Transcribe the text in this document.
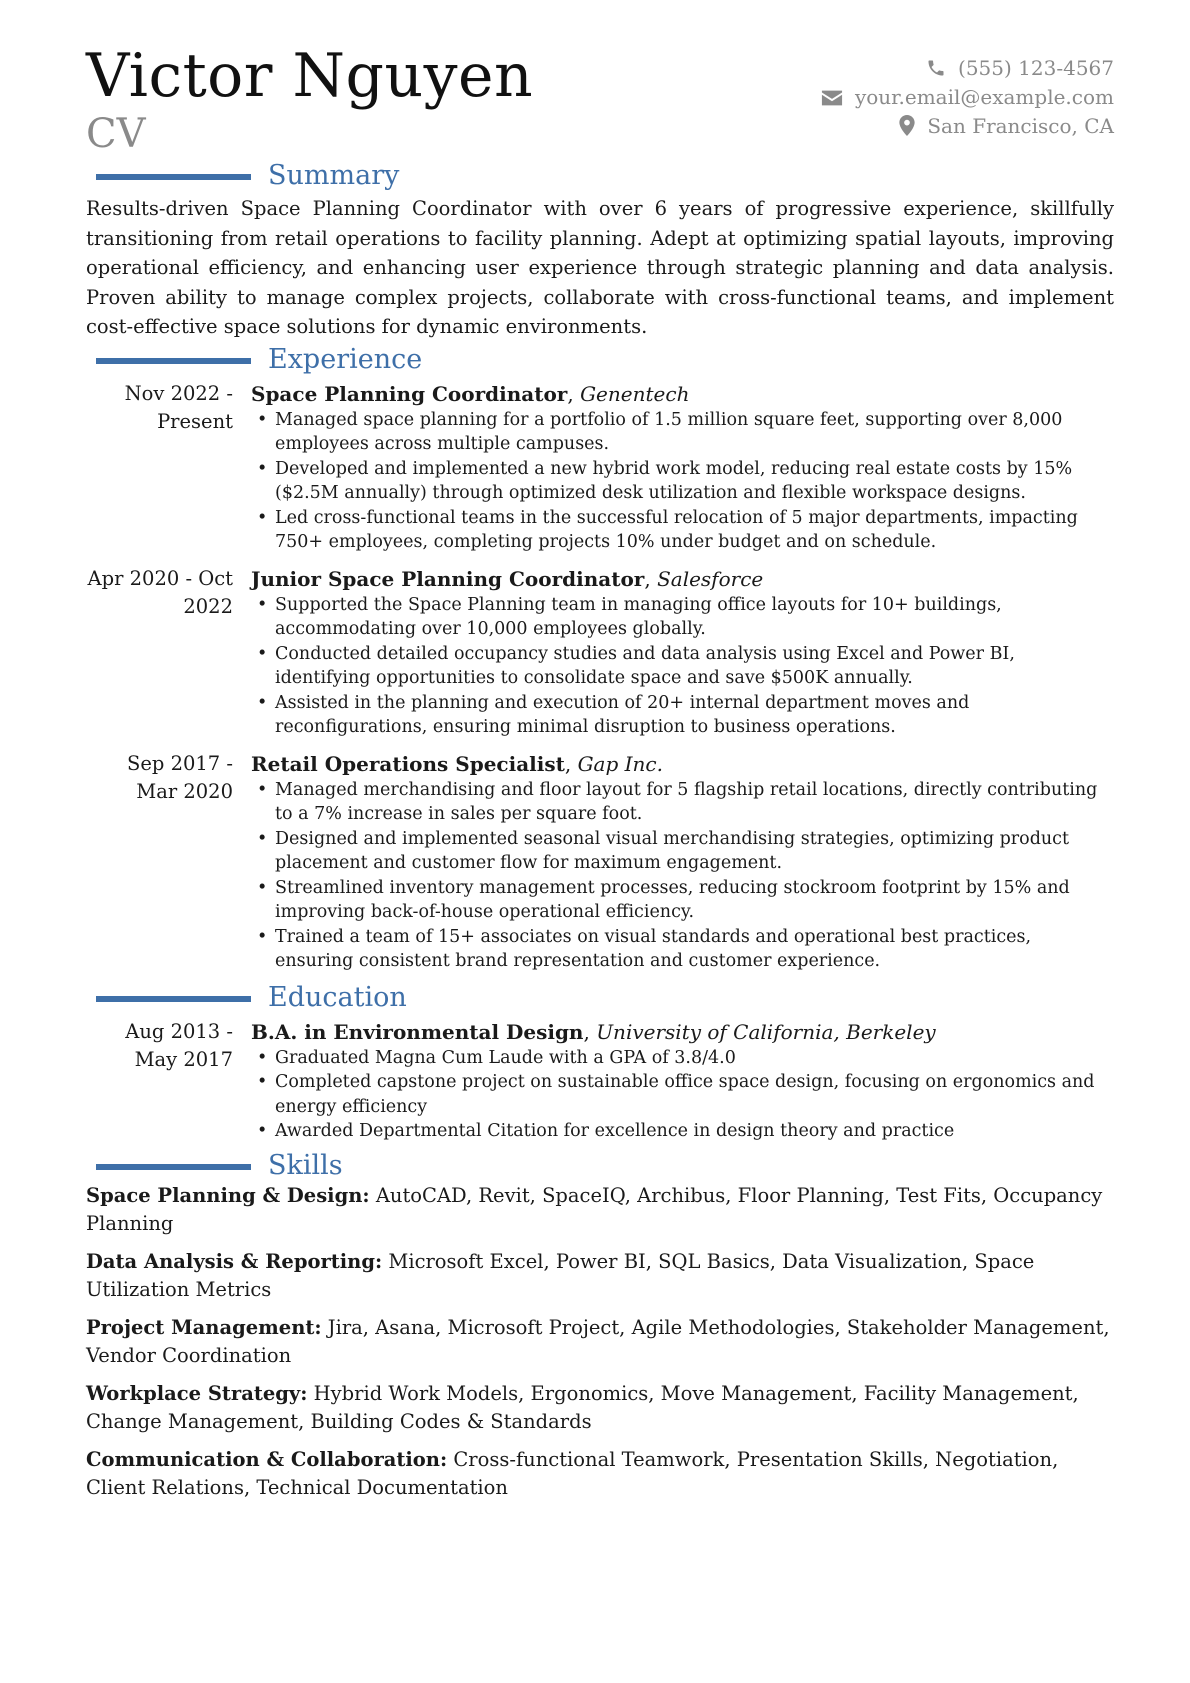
Victor Nguyen
CV
(555) 123-4567
your.email@example.com
San Francisco, CA
Summary
Results-driven Space Planning Coordinator with over 6 years of progressive experience, skillfully transitioning from retail operations to facility planning. Adept at optimizing spatial layouts, improving operational efficiency, and enhancing user experience through strategic planning and data analysis. Proven ability to manage complex projects, collaborate with cross-functional teams, and implement cost-effective space solutions for dynamic environments.
Experience
Nov 2022 - Present
Space Planning Coordinator, Genentech
• Managed space planning for a portfolio of 1.5 million square feet, supporting over 8,000 employees across multiple campuses.
• Developed and implemented a new hybrid work model, reducing real estate costs by 15% ($2.5M annually) through optimized desk utilization and flexible workspace designs.
• Led cross-functional teams in the successful relocation of 5 major departments, impacting 750+ employees, completing projects 10% under budget and on schedule.
Apr 2020 - Oct 2022
Junior Space Planning Coordinator, Salesforce
• Supported the Space Planning team in managing office layouts for 10+ buildings, accommodating over 10,000 employees globally.
• Conducted detailed occupancy studies and data analysis using Excel and Power BI, identifying opportunities to consolidate space and save $500K annually.
• Assisted in the planning and execution of 20+ internal department moves and reconfigurations, ensuring minimal disruption to business operations.
Sep 2017 - Mar 2020
Retail Operations Specialist, Gap Inc.
• Managed merchandising and floor layout for 5 flagship retail locations, directly contributing to a 7% increase in sales per square foot.
• Designed and implemented seasonal visual merchandising strategies, optimizing product placement and customer flow for maximum engagement.
• Streamlined inventory management processes, reducing stockroom footprint by 15% and improving back-of-house operational efficiency.
• Trained a team of 15+ associates on visual standards and operational best practices, ensuring consistent brand representation and customer experience.
Education
Aug 2013 - May 2017
B.A. in Environmental Design, University of California, Berkeley
• Graduated Magna Cum Laude with a GPA of 3.8/4.0
• Completed capstone project on sustainable office space design, focusing on ergonomics and energy efficiency
• Awarded Departmental Citation for excellence in design theory and practice
Skills
Space Planning & Design: AutoCAD, Revit, SpaceIQ, Archibus, Floor Planning, Test Fits, Occupancy Planning
Data Analysis & Reporting: Microsoft Excel, Power BI, SQL Basics, Data Visualization, Space Utilization Metrics
Project Management: Jira, Asana, Microsoft Project, Agile Methodologies, Stakeholder Management, Vendor Coordination
Workplace Strategy: Hybrid Work Models, Ergonomics, Move Management, Facility Management, Change Management, Building Codes & Standards
Communication & Collaboration: Cross-functional Teamwork, Presentation Skills, Negotiation, Client Relations, Technical Documentation
